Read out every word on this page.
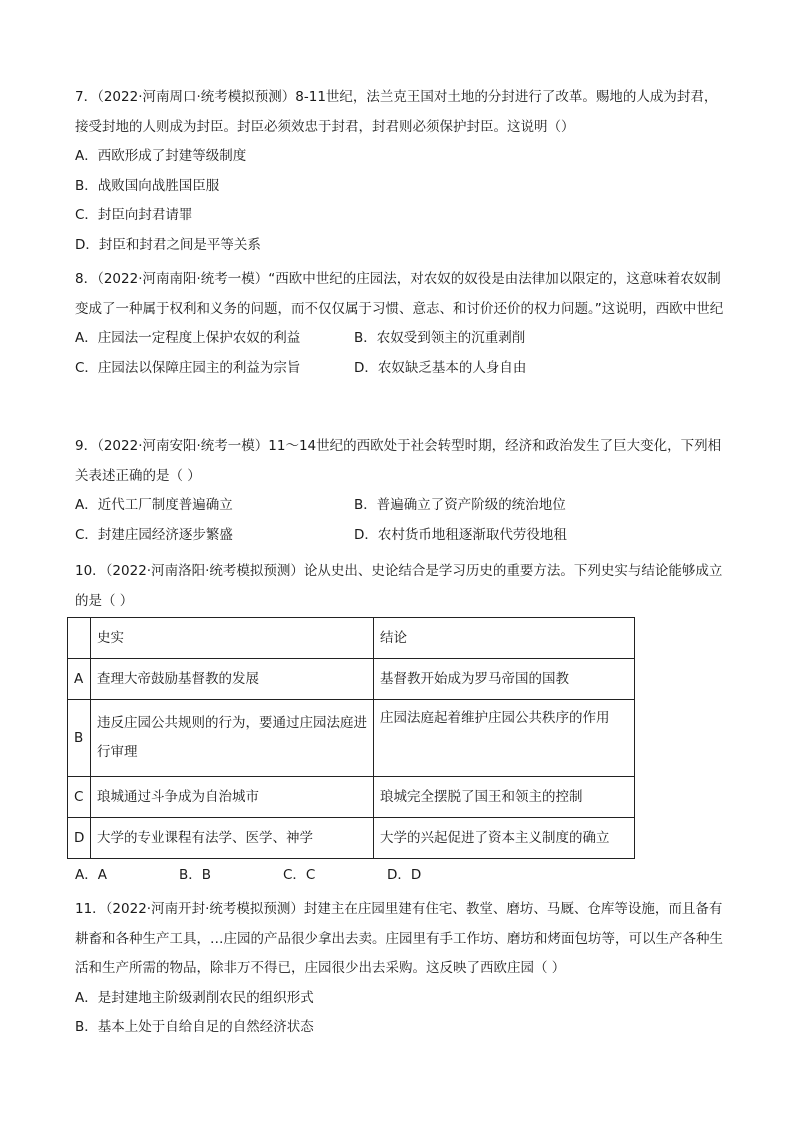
7．（2022·河南周口·统考模拟预测）8-11世纪，法兰克王国对土地的分封进行了改革。赐地的人成为封君，接受封地的人则成为封臣。封臣必须效忠于封君，封君则必须保护封臣。这说明（）

A．西欧形成了封建等级制度
B．战败国向战胜国臣服
C．封臣向封君请罪
D．封臣和封君之间是平等关系

8．（2022·河南南阳·统考一模）“西欧中世纪的庄园法，对农奴的奴役是由法律加以限定的，这意味着农奴制变成了一种属于权利和义务的问题，而不仅仅属于习惯、意志、和讨价还价的权力问题。”这说明，西欧中世纪

A．庄园法一定程度上保护农奴的利益	B．农奴受到领主的沉重剥削
C．庄园法以保障庄园主的利益为宗旨	D．农奴缺乏基本的人身自由

9．（2022·河南安阳·统考一模）11～14世纪的西欧处于社会转型时期，经济和政治发生了巨大变化，下列相关表述正确的是（ ）

A．近代工厂制度普遍确立	B．普遍确立了资产阶级的统治地位
C．封建庄园经济逐步繁盛	D．农村货币地租逐渐取代劳役地租

10．（2022·河南洛阳·统考模拟预测）论从史出、史论结合是学习历史的重要方法。下列史实与结论能够成立的是（ ）

	史实	结论
A	查理大帝鼓励基督教的发展	基督教开始成为罗马帝国的国教
B	违反庄园公共规则的行为，要通过庄园法庭进行审理	庄园法庭起着维护庄园公共秩序的作用
C	琅城通过斗争成为自治城市	琅城完全摆脱了国王和领主的控制
D	大学的专业课程有法学、医学、神学	大学的兴起促进了资本主义制度的确立
A．A	B．B	C．C	D．D

11．（2022·河南开封·统考模拟预测）封建主在庄园里建有住宅、教堂、磨坊、马厩、仓库等设施，而且备有耕畜和各种生产工具，…庄园的产品很少拿出去卖。庄园里有手工作坊、磨坊和烤面包坊等，可以生产各种生活和生产所需的物品，除非万不得已，庄园很少出去采购。这反映了西欧庄园（ ）

A．是封建地主阶级剥削农民的组织形式
B．基本上处于自给自足的自然经济状态
